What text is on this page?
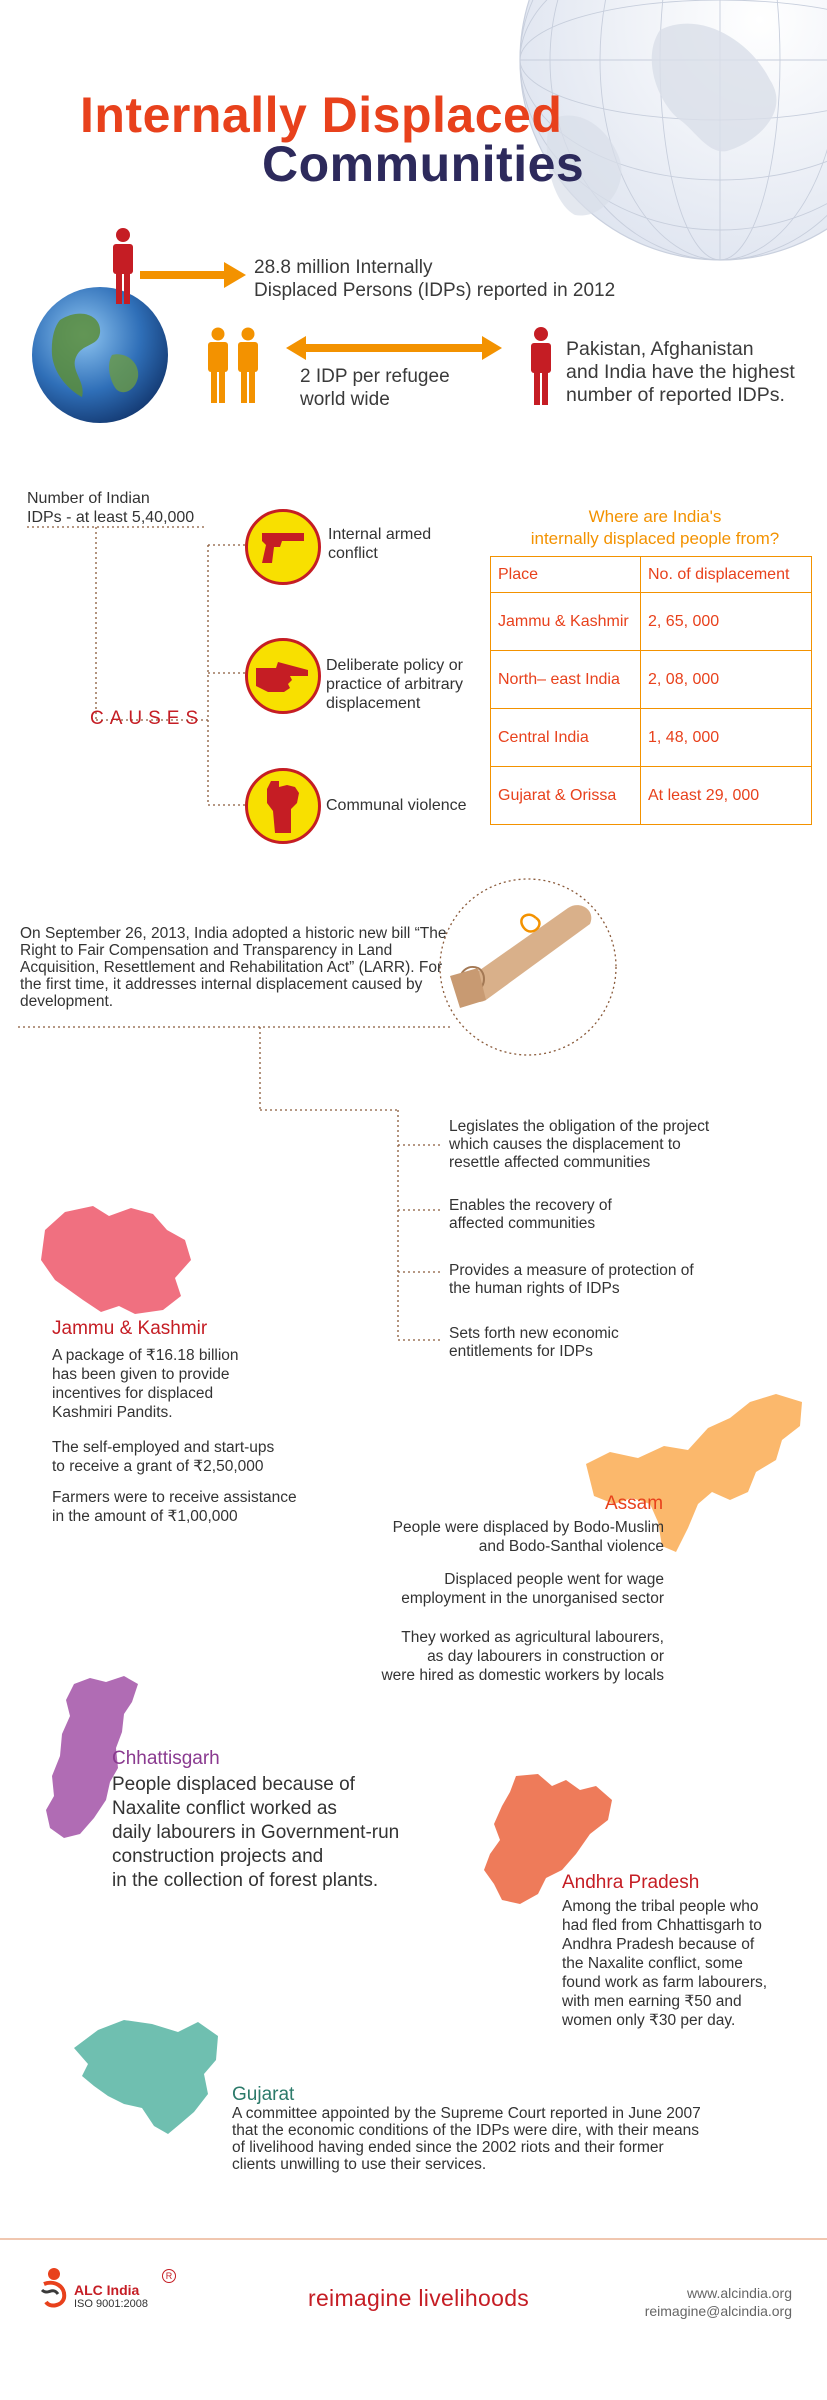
Internally Displaced
Communities
28.8 million Internally
Displaced Persons (IDPs) reported in 2012
2 IDP per refugee
world wide
Pakistan, Afghanistan
and India have the highest
number of reported IDPs.
Number of Indian
IDPs - at least 5,40,000
CAUSES
Internal armed
conflict
Deliberate policy or
practice of arbitrary
displacement
Communal violence
Where are India's
internally displaced people from?
Place	No. of displacement
Jammu & Kashmir	2, 65, 000
North– east India	2, 08, 000
Central India	1, 48, 000
Gujarat & Orissa	At least 29, 000
On September 26, 2013, India adopted a historic new bill “The Right to Fair Compensation and Transparency in Land Acquisition, Resettlement and Rehabilitation Act” (LARR). For the first time, it addresses internal displacement caused by development.
Legislates the obligation of the project
which causes the displacement to
resettle affected communities
Enables the recovery of
affected communities
Provides a measure of protection of
the human rights of IDPs
Sets forth new economic
entitlements for IDPs
Jammu & Kashmir
A package of ₹16.18 billion
has been given to provide
incentives for displaced
Kashmiri Pandits.
The self-employed and start-ups
to receive a grant of ₹2,50,000
Farmers were to receive assistance
in the amount of ₹1,00,000
Assam
People were displaced by Bodo-Muslim
and Bodo-Santhal violence
Displaced people went for wage
employment in the unorganised sector
They worked as agricultural labourers,
as day labourers in construction or
were hired as domestic workers by locals
Chhattisgarh
People displaced because of
Naxalite conflict worked as
daily labourers in Government-run
construction projects and
in the collection of forest plants.	Andhra Pradesh
Among the tribal people who
had fled from Chhattisgarh to
Andhra Pradesh because of
the Naxalite conflict, some
found work as farm labourers,
with men earning ₹50 and
women only ₹30 per day.
Gujarat
A committee appointed by the Supreme Court reported in June 2007
that the economic conditions of the IDPs were dire, with their means
of livelihood having ended since the 2002 riots and their former
clients unwilling to use their services.
ALC India
R
ISO 9001:2008	reimagine livelihoods	www.alcindia.org
reimagine@alcindia.org
